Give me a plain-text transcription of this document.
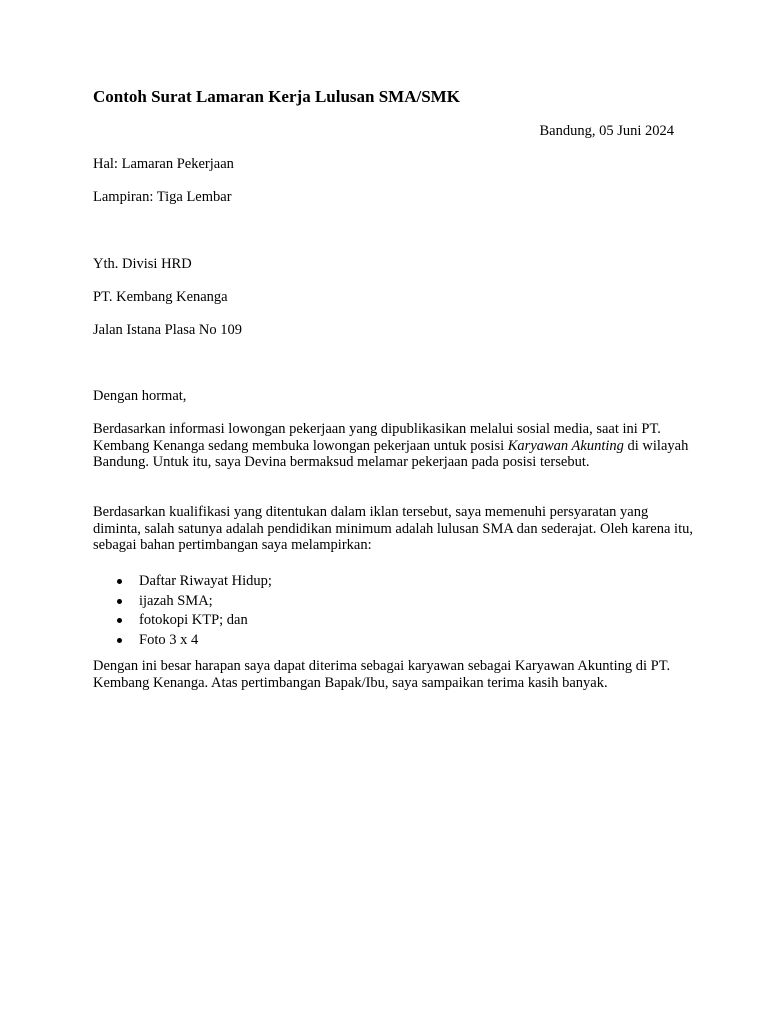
Contoh Surat Lamaran Kerja Lulusan SMA/SMK
Bandung, 05 Juni 2024
Hal: Lamaran Pekerjaan
Lampiran: Tiga Lembar
Yth. Divisi HRD
PT. Kembang Kenanga
Jalan Istana Plasa No 109
Dengan hormat,

Berdasarkan informasi lowongan pekerjaan yang dipublikasikan melalui sosial media, saat ini PT. Kembang Kenanga sedang membuka lowongan pekerjaan untuk posisi Karyawan Akunting di wilayah Bandung. Untuk itu, saya Devina bermaksud melamar pekerjaan pada posisi tersebut.

Berdasarkan kualifikasi yang ditentukan dalam iklan tersebut, saya memenuhi persyaratan yang diminta, salah satunya adalah pendidikan minimum adalah lulusan SMA dan sederajat. Oleh karena itu, sebagai bahan pertimbangan saya melampirkan:

Daftar Riwayat Hidup;
ijazah SMA;
fotokopi KTP; dan
Foto 3 x 4

Dengan ini besar harapan saya dapat diterima sebagai karyawan sebagai Karyawan Akunting di PT. Kembang Kenanga. Atas pertimbangan Bapak/Ibu, saya sampaikan terima kasih banyak.
